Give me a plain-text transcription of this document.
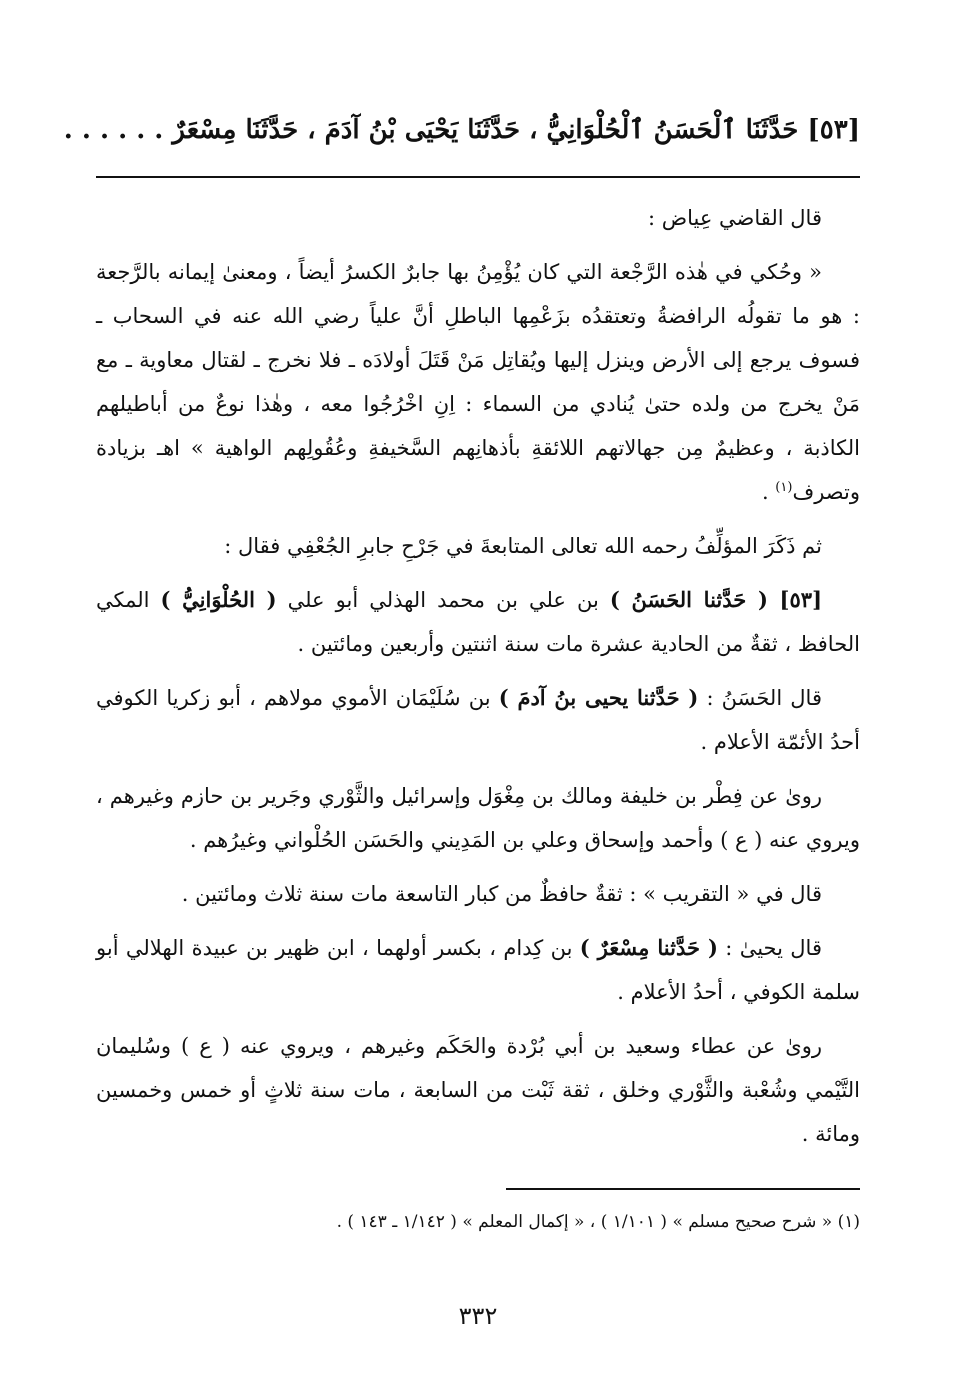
[٥٣] حَدَّثَنَا ٱلْحَسَنُ ٱلْحُلْوَانِيُّ ، حَدَّثَنَا يَحْيَى بْنُ آدَمَ ، حَدَّثَنَا مِسْعَرٌ . . . . . .

قال القاضي عِياض :

« وحُكي في هٰذه الرَّجْعة التي كان يُؤْمِنُ بها جابرٌ الكسرُ أيضاً ، ومعنىٰ إيمانه بالرَّجعة : هو ما تقولُه الرافضةُ وتعتقدُه بزَعْمِها الباطلِ أنَّ علياً رضي الله عنه في السحاب ـ فسوف يرجع إلى الأرض وينزل إليها ويُقاتِل مَنْ قَتَلَ أولادَه ـ فلا نخرج ـ لقتال معاوية ـ مع مَنْ يخرج من ولده حتىٰ يُنادي من السماء : اِنِ اخْرُجُوا معه ، وهٰذا نوعٌ من أباطيلهم الكاذبة ، وعظيمٌ مِن جهالاتهم اللائقةِ بأذهانِهم السَّخيفةِ وعُقُولِهم الواهية » اهـ بزيادة وتصرف$^{(١)}$ .

ثم ذَكَرَ المؤلِّفُ رحمه الله تعالى المتابعةَ في جَرْحِ جابرِ الجُعْفِي فقال :

[٥٣] ( حَدَّثنا الحَسَنُ ) بن علي بن محمد الهذلي أبو علي ( الحُلْوَانِيُّ ) المكي الحافظ ، ثقةٌ من الحادية عشرة مات سنة اثنتين وأربعين ومائتين .

قال الحَسَنُ : ( حَدَّثنا يحيى بنُ آدمَ ) بن سُلَيْمَان الأموي مولاهم ، أبو زكريا الكوفي أحدُ الأئمّة الأعلام .

روىٰ عن فِطْر بن خليفة ومالك بن مِغْوَل وإسرائيل والثَّوْري وجَرير بن حازم وغيرهم ، ويروي عنه ( ع ) وأحمد وإسحاق وعلي بن المَدِيني والحَسَن الحُلْواني وغيرُهم .

قال في « التقريب » : ثقةٌ حافظٌ من كبار التاسعة مات سنة ثلاث ومائتين .

قال يحيىٰ : ( حَدَّثنا مِسْعَرٌ ) بن كِدام ، بكسر أولهما ، ابن ظهير بن عبيدة الهلالي أبو سلمة الكوفي ، أحدُ الأعلام .

روىٰ عن عطاء وسعيد بن أبي بُرْدة والحَكَم وغيرهم ، ويروي عنه ( ع ) وسُليمان التَّيْمي وشُعْبة والثَّوْري وخلق ، ثقة ثَبْت من السابعة ، مات سنة ثلاثٍ أو خمس وخمسين ومائة .

(١) « شرح صحيح مسلم » ( ١/١٠١ ) ، « إكمال المعلم » ( ١/١٤٢ ـ ١٤٣ ) .
٣٣٢
